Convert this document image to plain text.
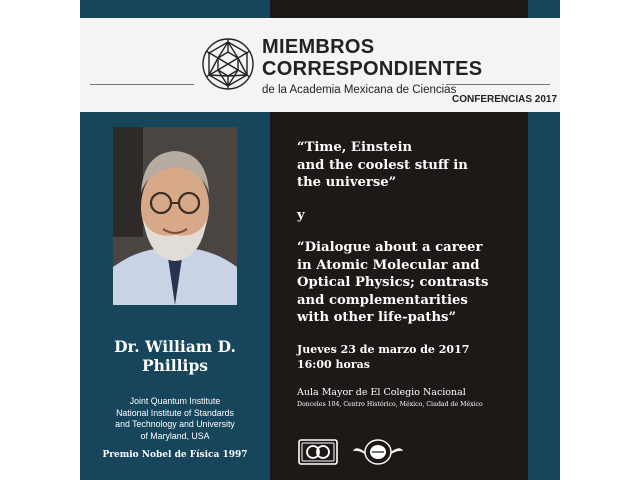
MIEMBROS
CORRESPONDIENTES
de la Academia Mexicana de Ciencias
CONFERENCIAS 2017
Dr. William D.
Phillips
Joint Quantum Institute
National Institute of Standards
and Technology and University
of Maryland, USA
Premio Nobel de Física 1997
“Time, Einstein
and the coolest stuff in
the universe”
y
“Dialogue about a career
in Atomic Molecular and
Optical Physics; contrasts
and complementarities
with other life-paths”
Jueves 23 de marzo de 2017
16:00 horas
Aula Mayor de El Colegio Nacional
Donceles 104, Centro Histórico, México, Ciudad de México
